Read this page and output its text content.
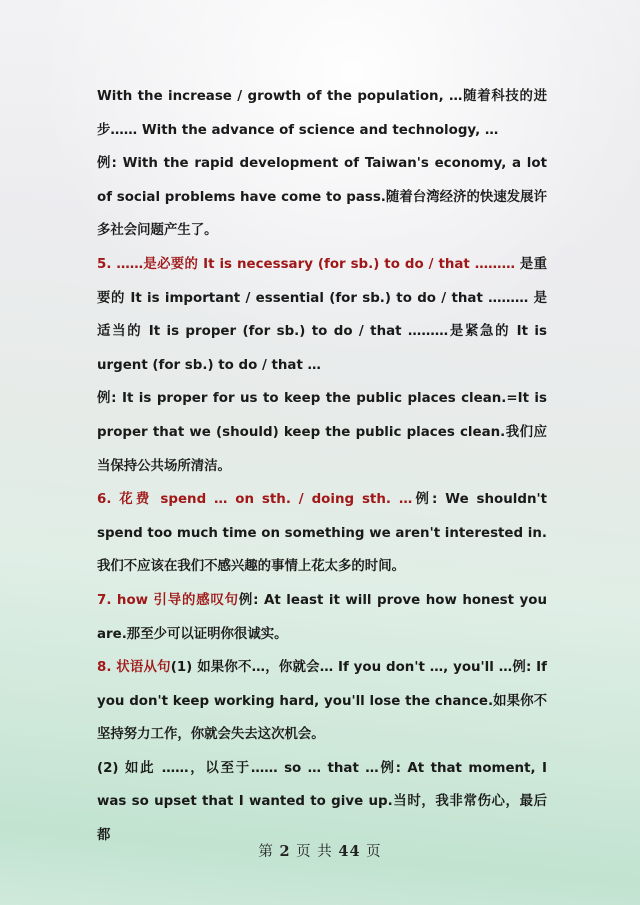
With the increase / growth of the population, …随着科技的进步…… With the advance of science and technology, …

例: With the rapid development of Taiwan's economy, a lot of social problems have come to pass.随着台湾经济的快速发展许多社会问题产生了。

5. ……是必要的 It is necessary (for sb.) to do / that ……… 是重要的 It is important / essential (for sb.) to do / that ……… 是适当的 It is proper (for sb.) to do / that ………是紧急的 It is urgent (for sb.) to do / that …

例: It is proper for us to keep the public places clean.=It is proper that we (should) keep the public places clean.我们应当保持公共场所清洁。

6. 花费 spend … on sth. / doing sth. …例: We shouldn't spend too much time on something we aren't interested in.我们不应该在我们不感兴趣的事情上花太多的时间。

7. how 引导的感叹句例: At least it will prove how honest you are.那至少可以证明你很诚实。

8. 状语从句(1) 如果你不…，你就会… If you don't …, you'll …例: If you don't keep working hard, you'll lose the chance.如果你不坚持努力工作，你就会失去这次机会。

(2) 如此 ……，以至于…… so … that …例: At that moment, I was so upset that I wanted to give up.当时，我非常伤心，最后都

第 2 页 共 44 页
